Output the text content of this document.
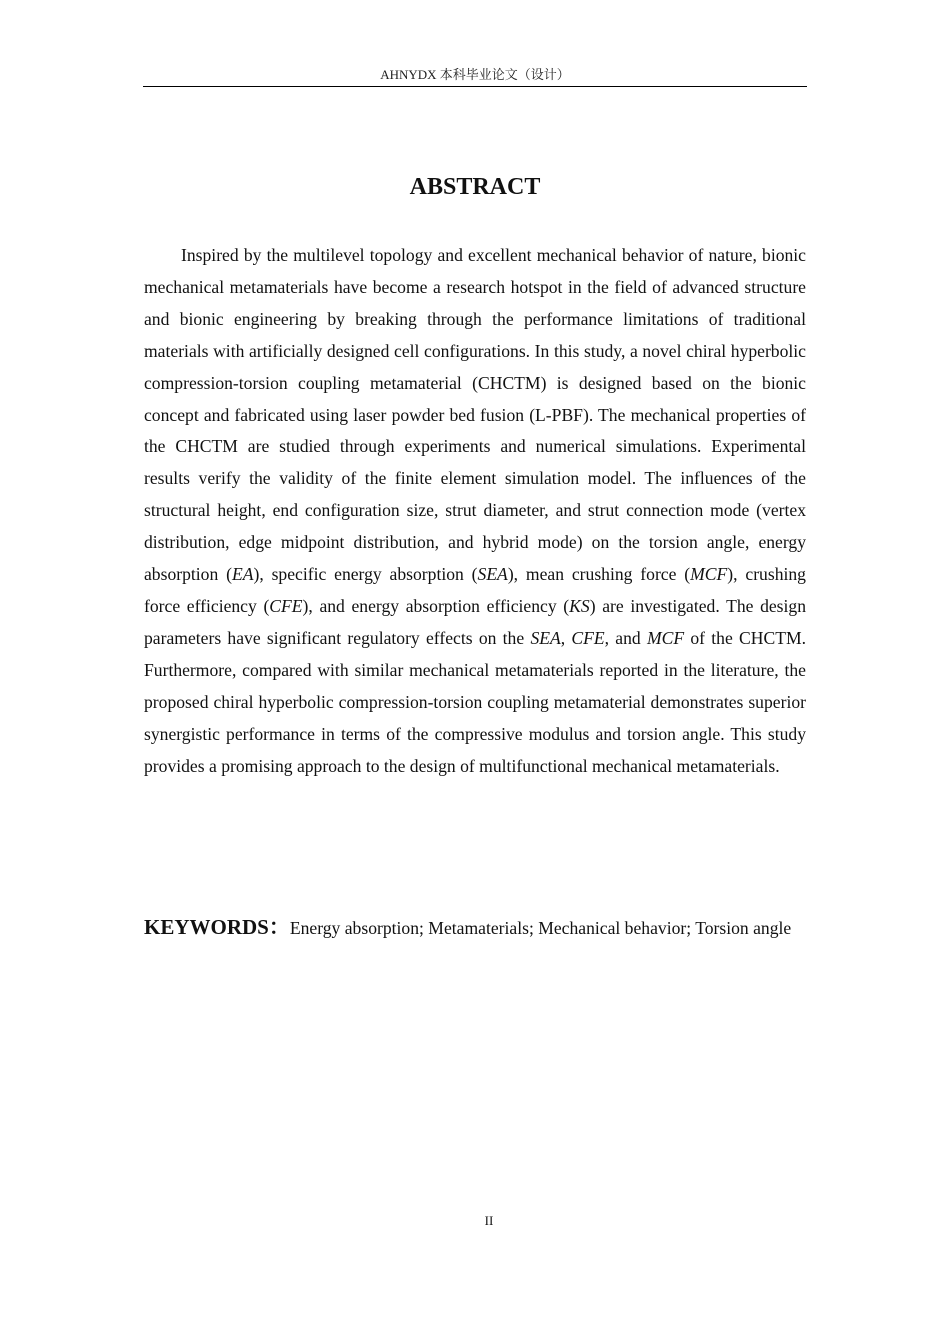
AHNYDX 本科毕业论文（设计）
ABSTRACT

Inspired by the multilevel topology and excellent mechanical behavior of nature, bionic mechanical metamaterials have become a research hotspot in the field of advanced structure and bionic engineering by breaking through the performance limitations of traditional materials with artificially designed cell configurations. In this study, a novel chiral hyperbolic compression-torsion coupling metamaterial (CHCTM) is designed based on the bionic concept and fabricated using laser powder bed fusion (L-PBF). The mechanical properties of the CHCTM are studied through experiments and numerical simulations. Experimental results verify the validity of the finite element simulation model. The influences of the structural height, end configuration size, strut diameter, and strut connection mode (vertex distribution, edge midpoint distribution, and hybrid mode) on the torsion angle, energy absorption (EA), specific energy absorption (SEA), mean crushing force (MCF), crushing force efficiency (CFE), and energy absorption efficiency (KS) are investigated. The design parameters have significant regulatory effects on the SEA, CFE, and MCF of the CHCTM. Furthermore, compared with similar mechanical metamaterials reported in the literature, the proposed chiral hyperbolic compression-torsion coupling metamaterial demonstrates superior synergistic performance in terms of the compressive modulus and torsion angle. This study provides a promising approach to the design of multifunctional mechanical metamaterials.

KEYWORDS：Energy absorption; Metamaterials; Mechanical behavior; Torsion angle

II
